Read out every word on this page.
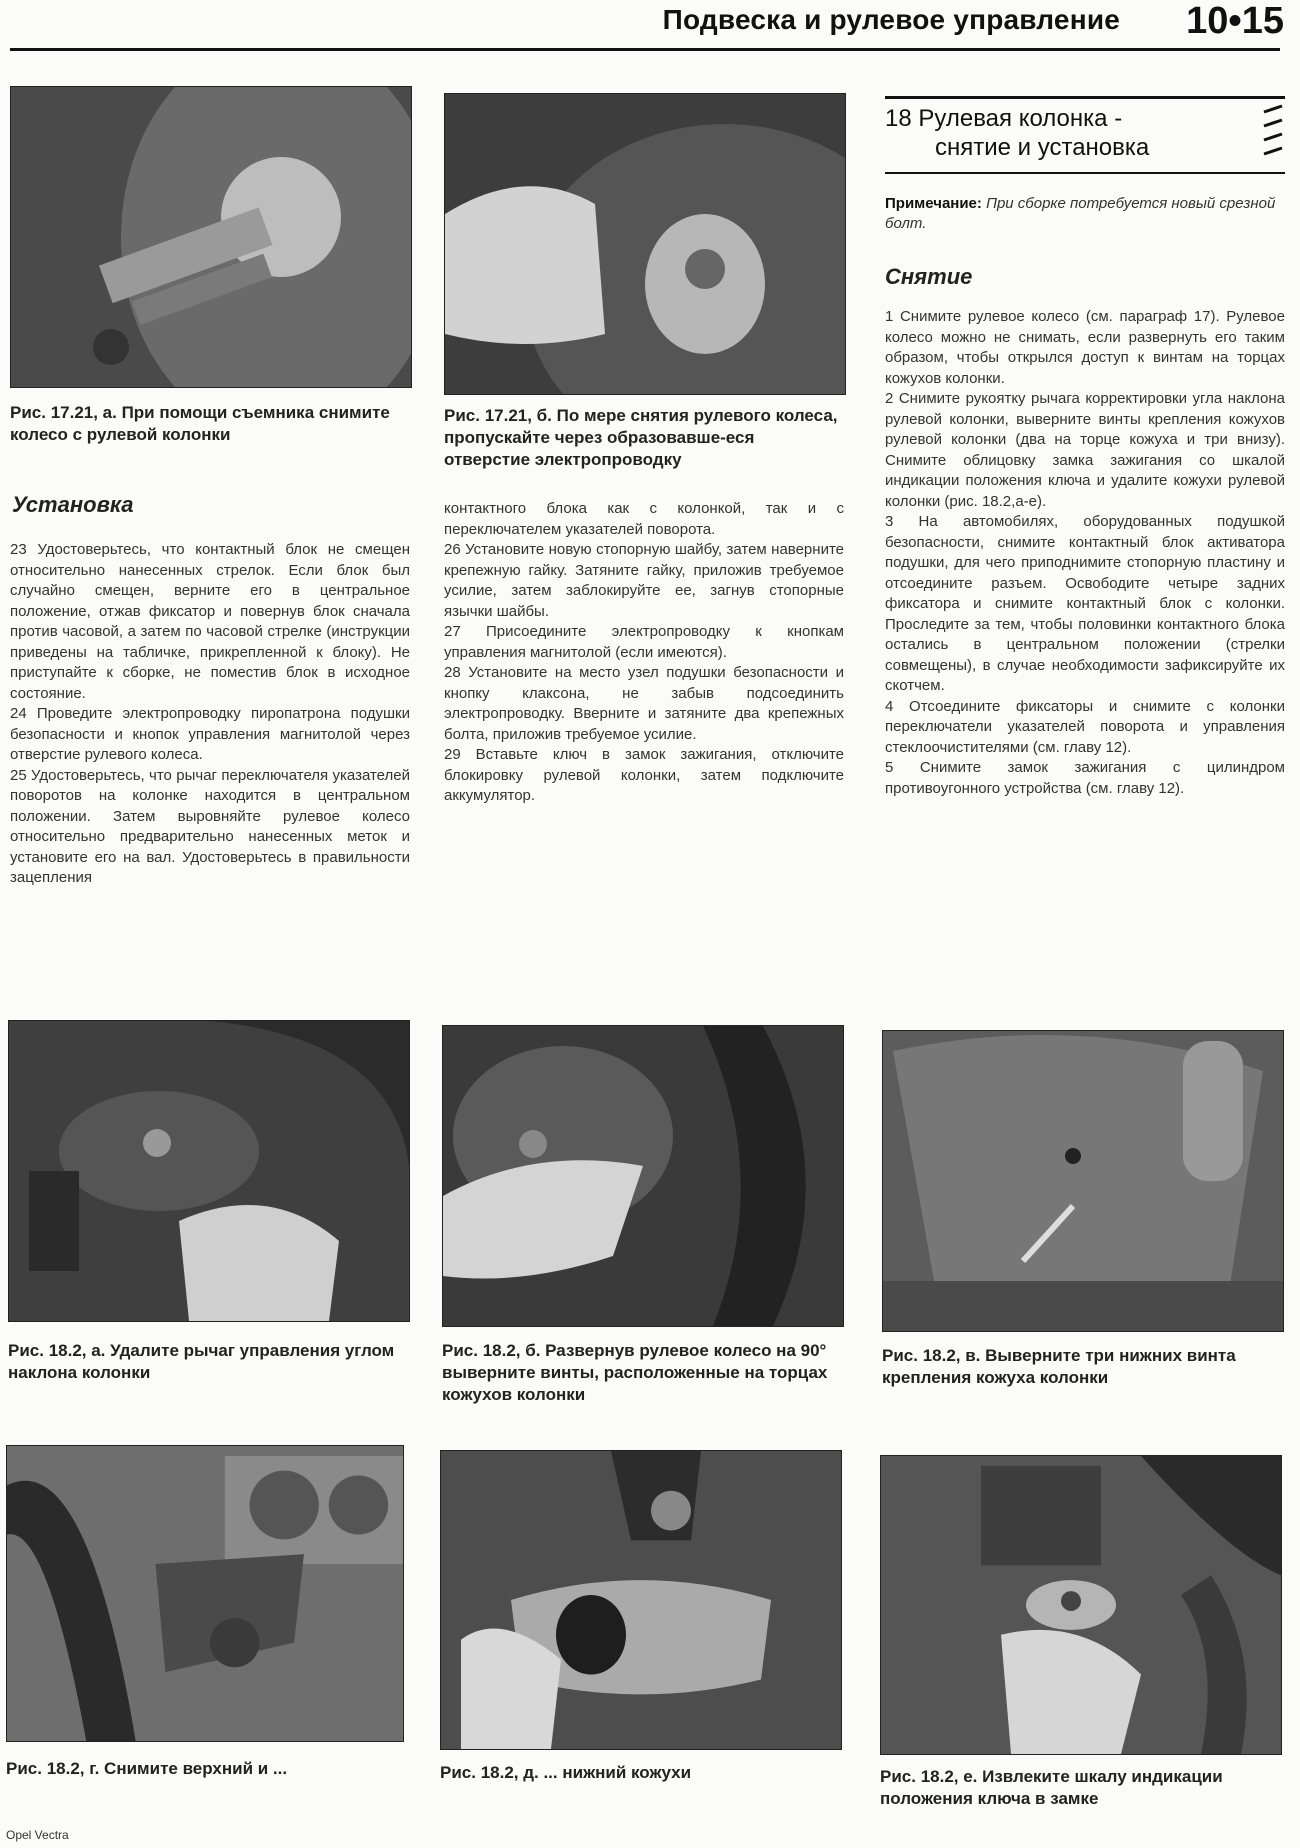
Подвеска и рулевое управление 10•15
Рис. 17.21, а. При помощи съемника снимите колесо с рулевой колонки
Рис. 17.21, б. По мере снятия рулевого колеса, пропускайте через образовавше-еся отверстие электропроводку
Установка
23 Удостоверьтесь, что контактный блок не смещен относительно нанесенных стрелок. Если блок был случайно смещен, верните его в центральное положение, отжав фиксатор и повернув блок сначала против часовой, а затем по часовой стрелке (инструкции приведены на табличке, прикрепленной к блоку). Не приступайте к сборке, не поместив блок в исходное состояние.
24 Проведите электропроводку пиропатрона подушки безопасности и кнопок управления магнитолой через отверстие рулевого колеса.
25 Удостоверьтесь, что рычаг переключателя указателей поворотов на колонке находится в центральном положении. Затем выровняйте рулевое колесо относительно предварительно нанесенных меток и установите его на вал. Удостоверьтесь в правильности зацепления
контактного блока как с колонкой, так и с переключателем указателей поворота.
26 Установите новую стопорную шайбу, затем наверните крепежную гайку. Затяните гайку, приложив требуемое усилие, затем заблокируйте ее, загнув стопорные язычки шайбы.
27 Присоедините электропроводку к кнопкам управления магнитолой (если имеются).
28 Установите на место узел подушки безопасности и кнопку клаксона, не забыв подсоединить электропроводку. Вверните и затяните два крепежных болта, приложив требуемое усилие.
29 Вставьте ключ в замок зажигания, отключите блокировку рулевой колонки, затем подключите аккумулятор.
18 Рулевая колонка -
снятие и установка
Примечание: При сборке потребуется новый срезной болт.
Снятие
1 Снимите рулевое колесо (см. параграф 17). Рулевое колесо можно не снимать, если развернуть его таким образом, чтобы открылся доступ к винтам на торцах кожухов колонки.
2 Снимите рукоятку рычага корректировки угла наклона рулевой колонки, выверните винты крепления кожухов рулевой колонки (два на торце кожуха и три внизу). Снимите облицовку замка зажигания со шкалой индикации положения ключа и удалите кожухи рулевой колонки (рис. 18.2,а-е).
3 На автомобилях, оборудованных подушкой безопасности, снимите контактный блок активатора подушки, для чего приподнимите стопорную пластину и отсоедините разъем. Освободите четыре задних фиксатора и снимите контактный блок с колонки. Проследите за тем, чтобы половинки контактного блока остались в центральном положении (стрелки совмещены), в случае необходимости зафиксируйте их скотчем.
4 Отсоедините фиксаторы и снимите с колонки переключатели указателей поворота и управления стеклоочистителями (см. главу 12).
5 Снимите замок зажигания с цилиндром противоугонного устройства (см. главу 12).
Рис. 18.2, а. Удалите рычаг управления углом наклона колонки
Рис. 18.2, б. Развернув рулевое колесо на 90° выверните винты, расположенные на торцах кожухов колонки
Рис. 18.2, в. Выверните три нижних винта крепления кожуха колонки
Рис. 18.2, г. Снимите верхний и ...	Рис. 18.2, д. ... нижний кожухи	Рис. 18.2, е. Извлеките шкалу индикации положения ключа в замке
Opel Vectra
